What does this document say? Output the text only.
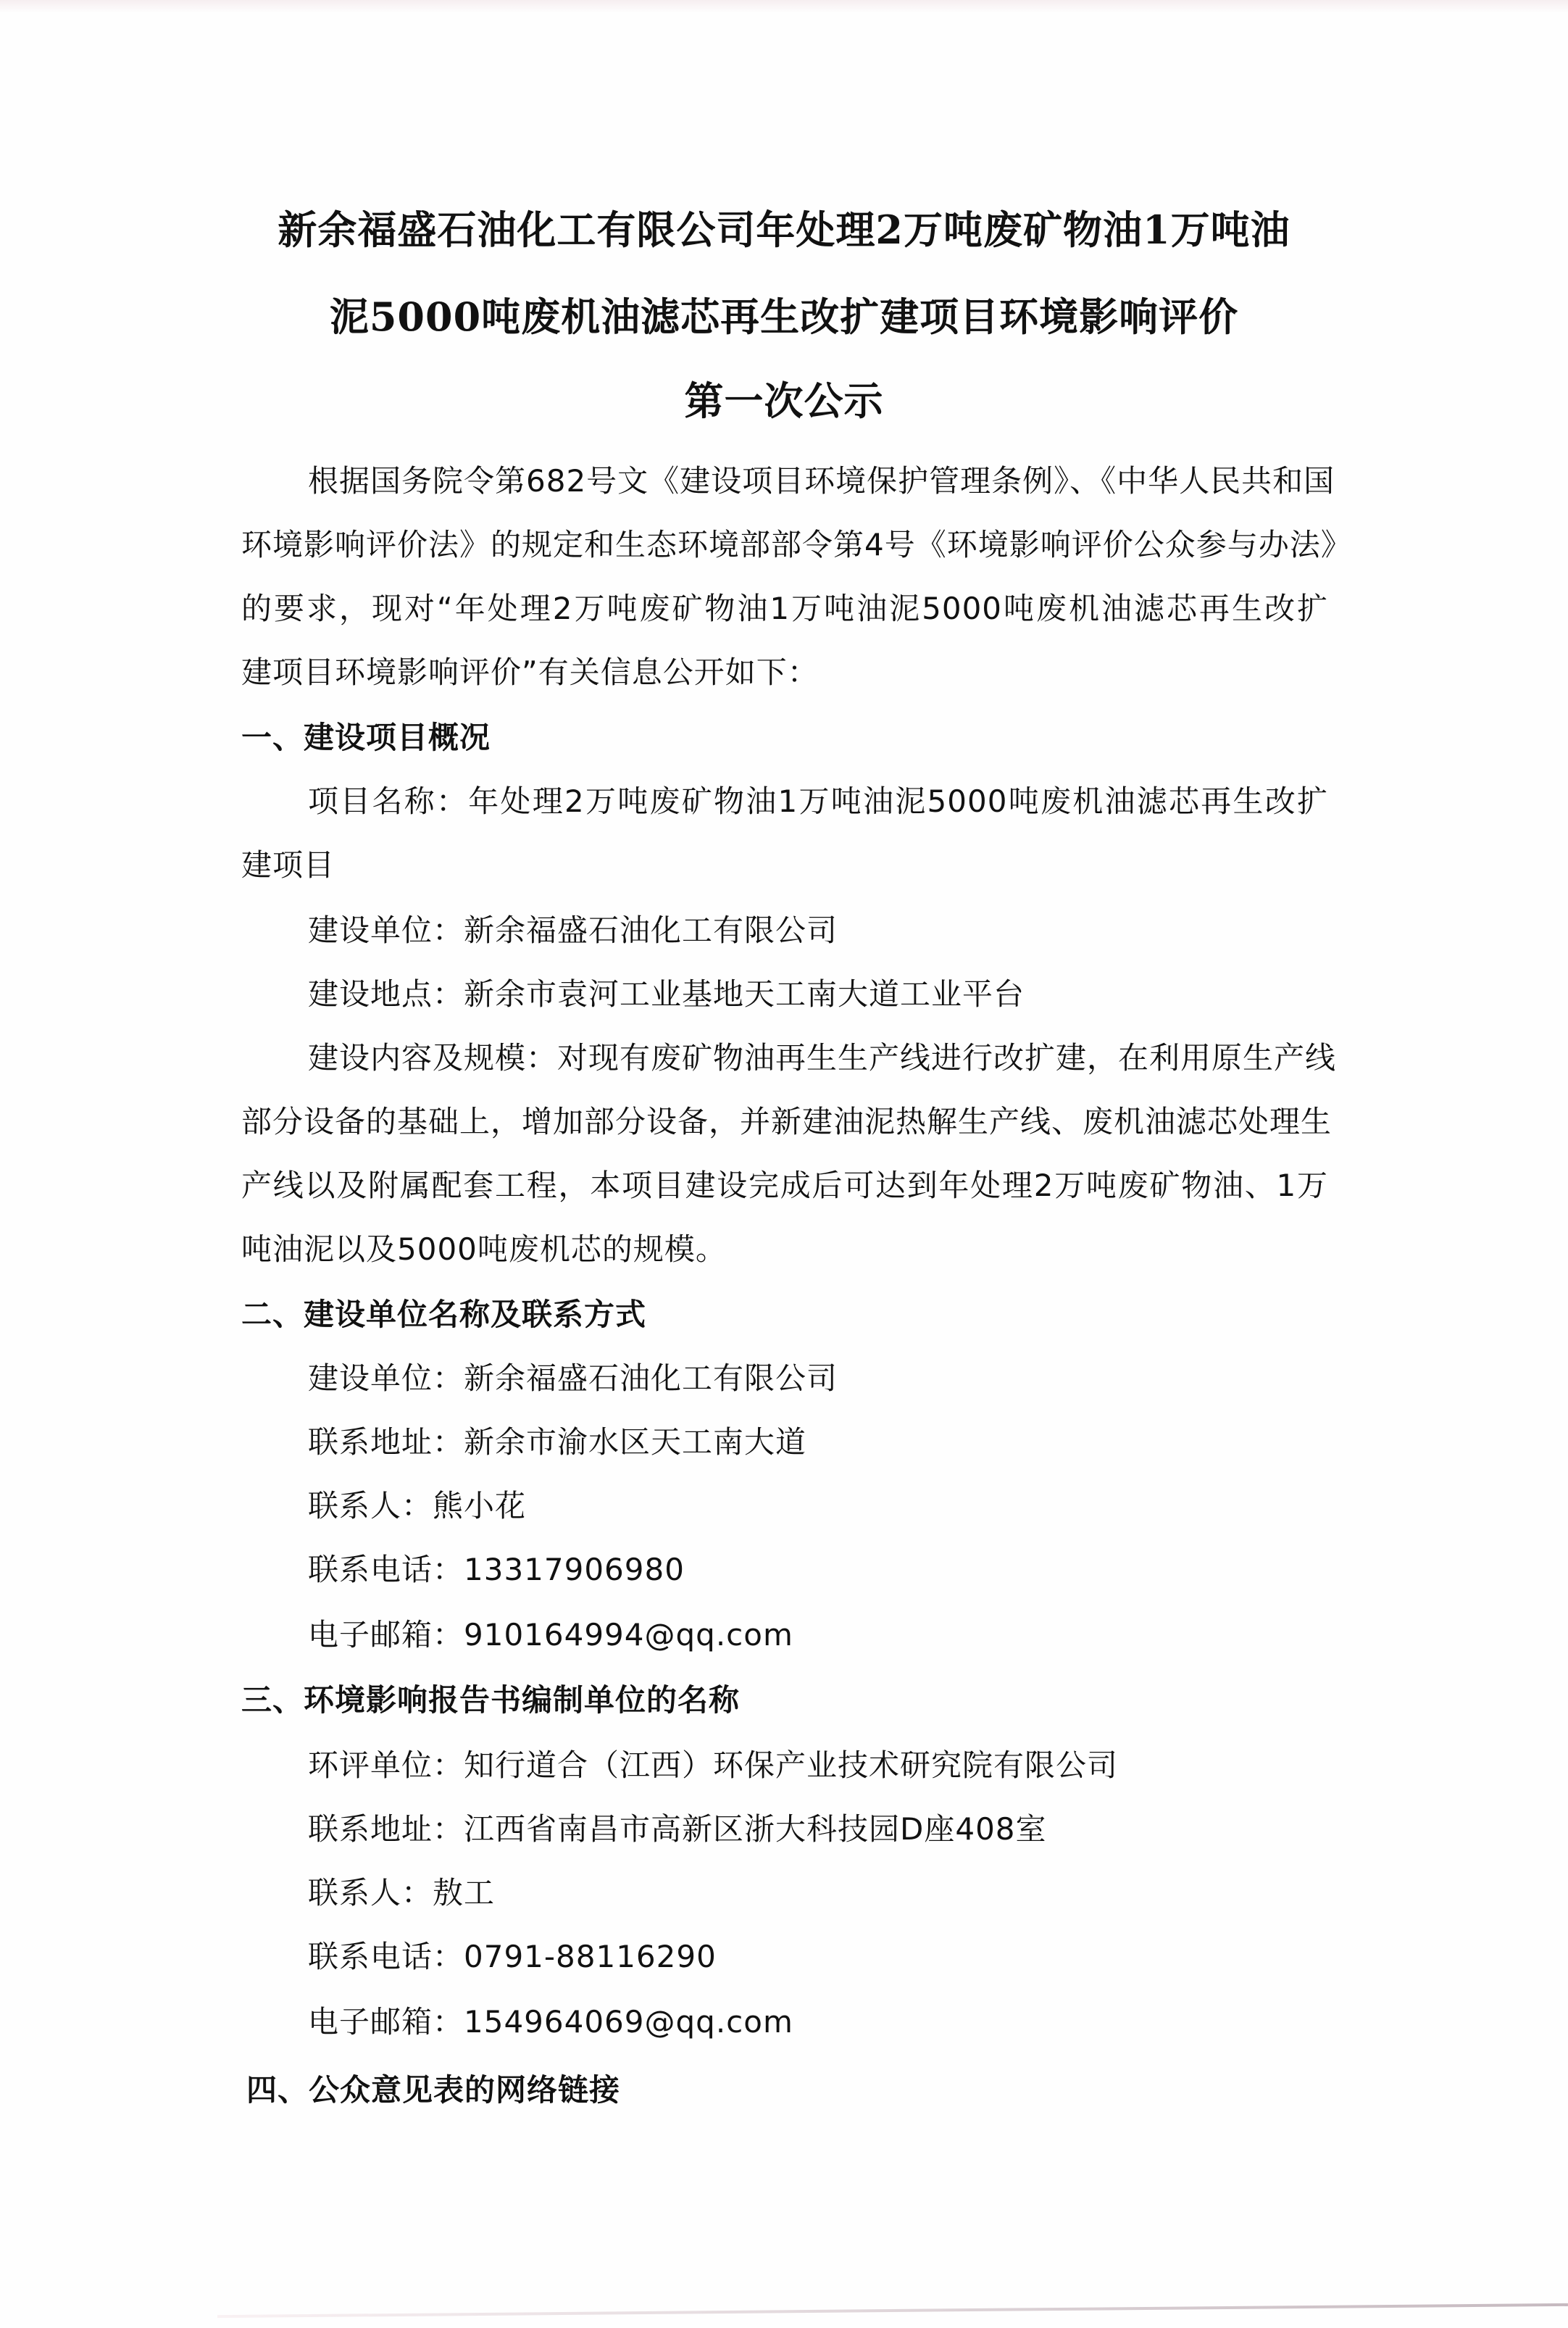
新余福盛石油化工有限公司年处理2万吨废矿物油1万吨油
泥5000吨废机油滤芯再生改扩建项目环境影响评价
第一次公示
根据国务院令第682号文《建设项目环境保护管理条例》、《中华人民共和国
环境影响评价法》的规定和生态环境部部令第4号《环境影响评价公众参与办法》
的要求，现对“年处理2万吨废矿物油1万吨油泥5000吨废机油滤芯再生改扩
建项目环境影响评价”有关信息公开如下：
一、建设项目概况
项目名称：年处理2万吨废矿物油1万吨油泥5000吨废机油滤芯再生改扩
建项目
建设单位：新余福盛石油化工有限公司
建设地点：新余市袁河工业基地天工南大道工业平台
建设内容及规模：对现有废矿物油再生生产线进行改扩建，在利用原生产线
部分设备的基础上，增加部分设备，并新建油泥热解生产线、废机油滤芯处理生
产线以及附属配套工程，本项目建设完成后可达到年处理2万吨废矿物油、1万
吨油泥以及5000吨废机芯的规模。
二、建设单位名称及联系方式
建设单位：新余福盛石油化工有限公司
联系地址：新余市渝水区天工南大道
联系人：熊小花
联系电话：13317906980
电子邮箱：910164994@qq.com
三、环境影响报告书编制单位的名称
环评单位：知行道合（江西）环保产业技术研究院有限公司
联系地址：江西省南昌市高新区浙大科技园D座408室
联系人：敖工
联系电话：0791-88116290
电子邮箱：154964069@qq.com
四、公众意见表的网络链接
